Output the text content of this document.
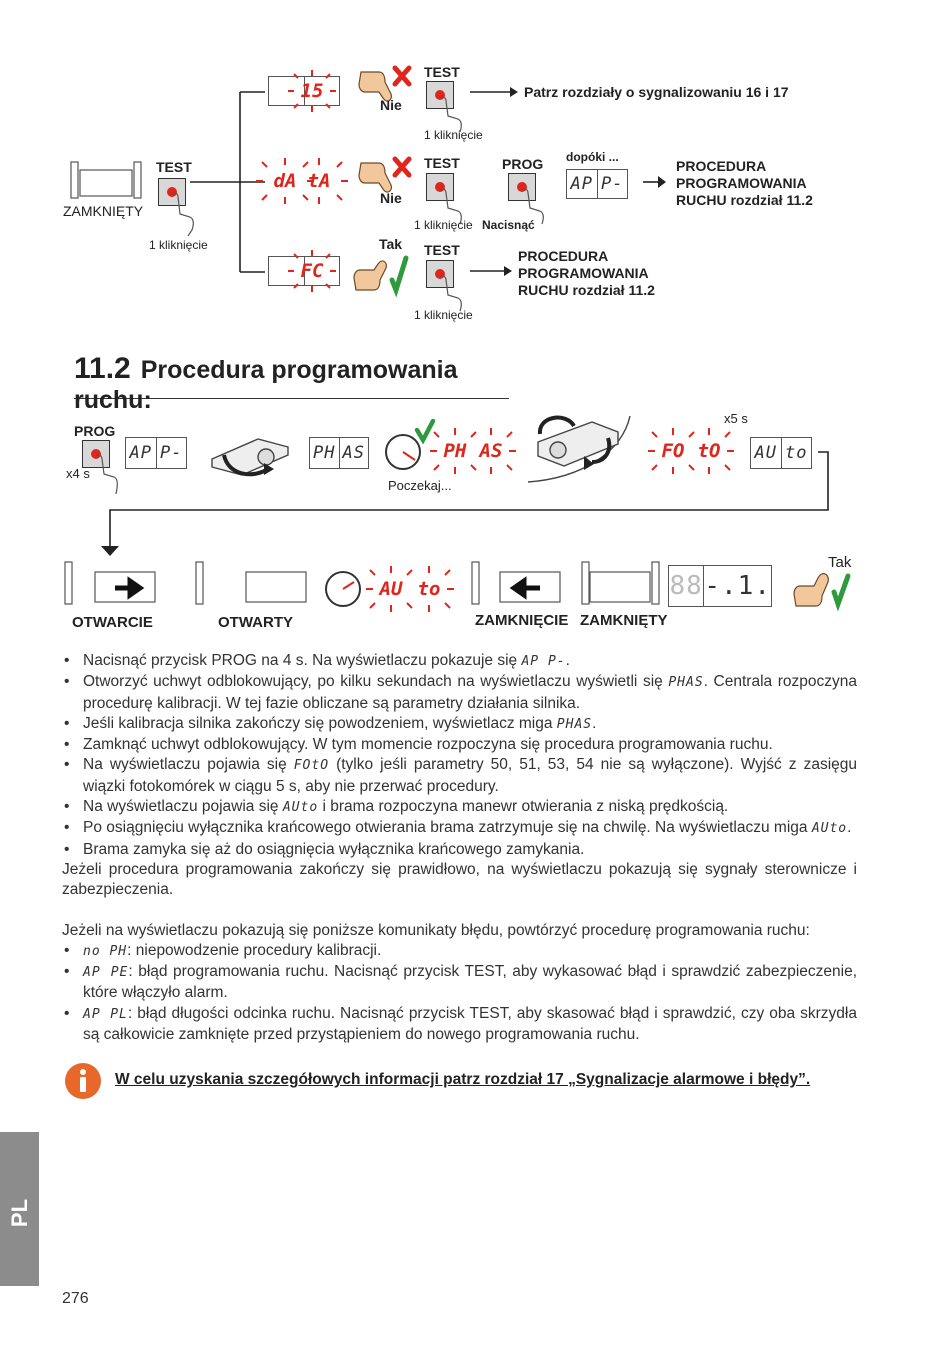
ZAMKNIĘTY
TEST
1 kliknięcie
15
Nie
TEST
1 kliknięcie
Patrz rozdziały o sygnalizowaniu 16 i 17
dA tA
Nie
TEST
1 kliknięcie
PROG
Nacisnąć
dopóki ...
AP P-
PROCEDURA
PROGRAMOWANIA
RUCHU rozdział 11.2
FC
Tak TEST
1 kliknięcie
PROCEDURA
PROGRAMOWANIA
RUCHU rozdział 11.2
11.2 Procedura programowania ruchu:
PROG
x4 s
AP P-	PH AS
Poczekaj...
PH AS	FO tO
x5 s
AU to
AU to	88 -.1.
Tak
OTWARCIE	OTWARTY	ZAMKNIĘCIE ZAMKNIĘTY
• Nacisnąć przycisk PROG na 4 s. Na wyświetlaczu pokazuje się AP P-.
• Otworzyć uchwyt odblokowujący, po kilku sekundach na wyświetlaczu wyświetli się PHAS. Centrala rozpoczyna procedurę kalibracji. W tej fazie obliczane są parametry działania silnika.
• Jeśli kalibracja silnika zakończy się powodzeniem, wyświetlacz miga PHAS.
• Zamknąć uchwyt odblokowujący. W tym momencie rozpoczyna się procedura programowania ruchu.
• Na wyświetlaczu pojawia się FOtO (tylko jeśli parametry 50, 51, 53, 54 nie są wyłączone). Wyjść z zasięgu wiązki fotokomórek w ciągu 5 s, aby nie przerwać procedury.
• Na wyświetlaczu pojawia się AUto i brama rozpoczyna manewr otwierania z niską prędkością.
• Po osiągnięciu wyłącznika krańcowego otwierania brama zatrzymuje się na chwilę. Na wyświetlaczu miga AUto.
• Brama zamyka się aż do osiągnięcia wyłącznika krańcowego zamykania.

Jeżeli procedura programowania zakończy się prawidłowo, na wyświetlaczu pokazują się sygnały sterownicze i zabezpieczenia.

Jeżeli na wyświetlaczu pokazują się poniższe komunikaty błędu, powtórzyć procedurę programowania ruchu:

• no PH: niepowodzenie procedury kalibracji.
• AP PE: błąd programowania ruchu. Nacisnąć przycisk TEST, aby wykasować błąd i sprawdzić zabezpieczenie, które włączyło alarm.
• AP PL: błąd długości odcinka ruchu. Nacisnąć przycisk TEST, aby skasować błąd i sprawdzić, czy oba skrzydła są całkowicie zamknięte przed przystąpieniem do nowego programowania ruchu.
W celu uzyskania szczegółowych informacji patrz rozdział 17 „Sygnalizacje alarmowe i błędy”.
PL
276
